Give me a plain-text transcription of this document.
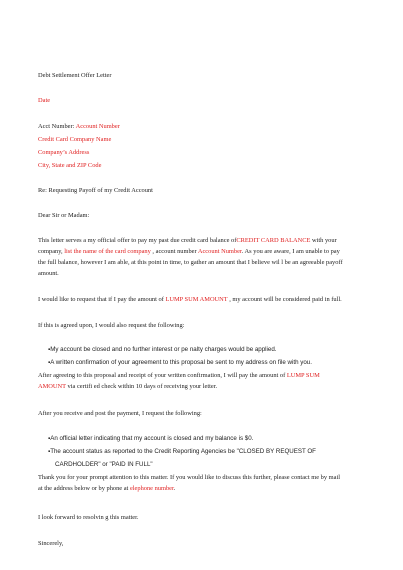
Debt Settlement Offer Letter

Date

Acct Number: Account Number

Credit Card Company Name

Company’s Address

City, State and ZIP Code

Re: Requesting Payoff of my Credit Account

Dear Sir or Madam:

This letter serves a my official offer to pay my past due credit card balance ofCREDIT CARD BALANCE with your
company, list the name of the card company , account number Account Number. As you are aware, I am unable to pay
the full balance, however I am able, at this point in time, to gather an amount that I believe wil l be an agreeable payoff
amount.

I would like to request that if I pay the amount of LUMP SUM AMOUNT , my account will be considered paid in full.

If this is agreed upon, I would also request the following:

▪My account be closed and no further interest or pe nalty charges would be applied.

▪A written confirmation of your agreement to this proposal be sent to my address on file with you.

After agreeing to this proposal and receipt of your written confirmation, I will pay the amount of LUMP SUM
AMOUNT via certifi ed check within 10 days of receiving your letter.

After you receive and post the payment, I request the following:

▪An official letter indicating that my account is closed and my balance is $0.

▪The account status as reported to the Credit Reporting Agencies be "CLOSED BY REQUEST OF

CARDHOLDER" or "PAID IN FULL"

Thank you for your prompt attention to this matter. If you would like to discuss this further, please contact me by mail
at the address below or by phone at elephone number.

I look forward to resolvin g this matter.

Sincerely,
